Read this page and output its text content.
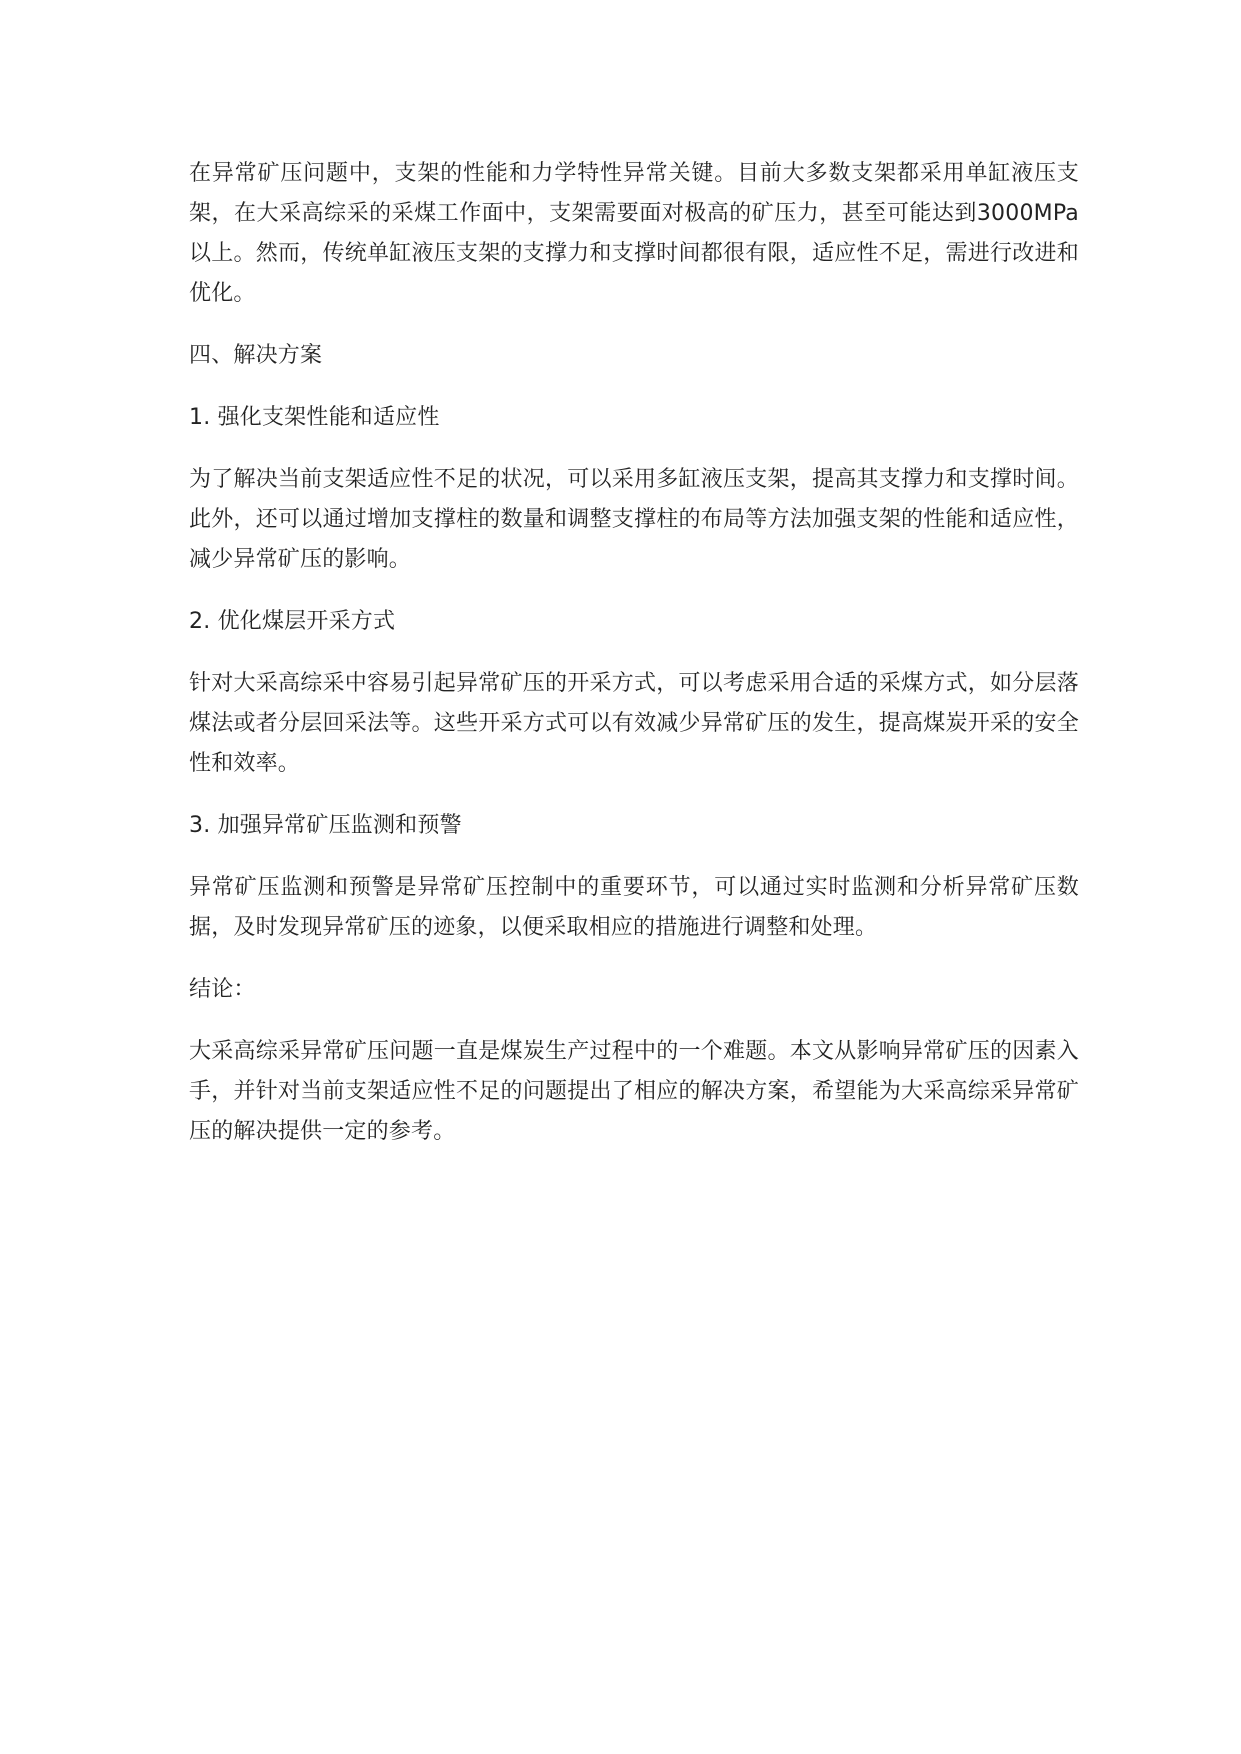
在异常矿压问题中，支架的性能和力学特性异常关键。目前大多数支架都采用单缸液压支架，在大采高综采的采煤工作面中，支架需要面对极高的矿压力，甚至可能达到3000MPa 以上。然而，传统单缸液压支架的支撑力和支撑时间都很有限，适应性不足，需进行改进和优化。

四、解决方案

1. 强化支架性能和适应性

为了解决当前支架适应性不足的状况，可以采用多缸液压支架，提高其支撑力和支撑时间。此外，还可以通过增加支撑柱的数量和调整支撑柱的布局等方法加强支架的性能和适应性，减少异常矿压的影响。

2. 优化煤层开采方式

针对大采高综采中容易引起异常矿压的开采方式，可以考虑采用合适的采煤方式，如分层落煤法或者分层回采法等。这些开采方式可以有效减少异常矿压的发生，提高煤炭开采的安全性和效率。

3. 加强异常矿压监测和预警

异常矿压监测和预警是异常矿压控制中的重要环节，可以通过实时监测和分析异常矿压数据，及时发现异常矿压的迹象，以便采取相应的措施进行调整和处理。

结论：

大采高综采异常矿压问题一直是煤炭生产过程中的一个难题。本文从影响异常矿压的因素入手，并针对当前支架适应性不足的问题提出了相应的解决方案，希望能为大采高综采异常矿压的解决提供一定的参考。
